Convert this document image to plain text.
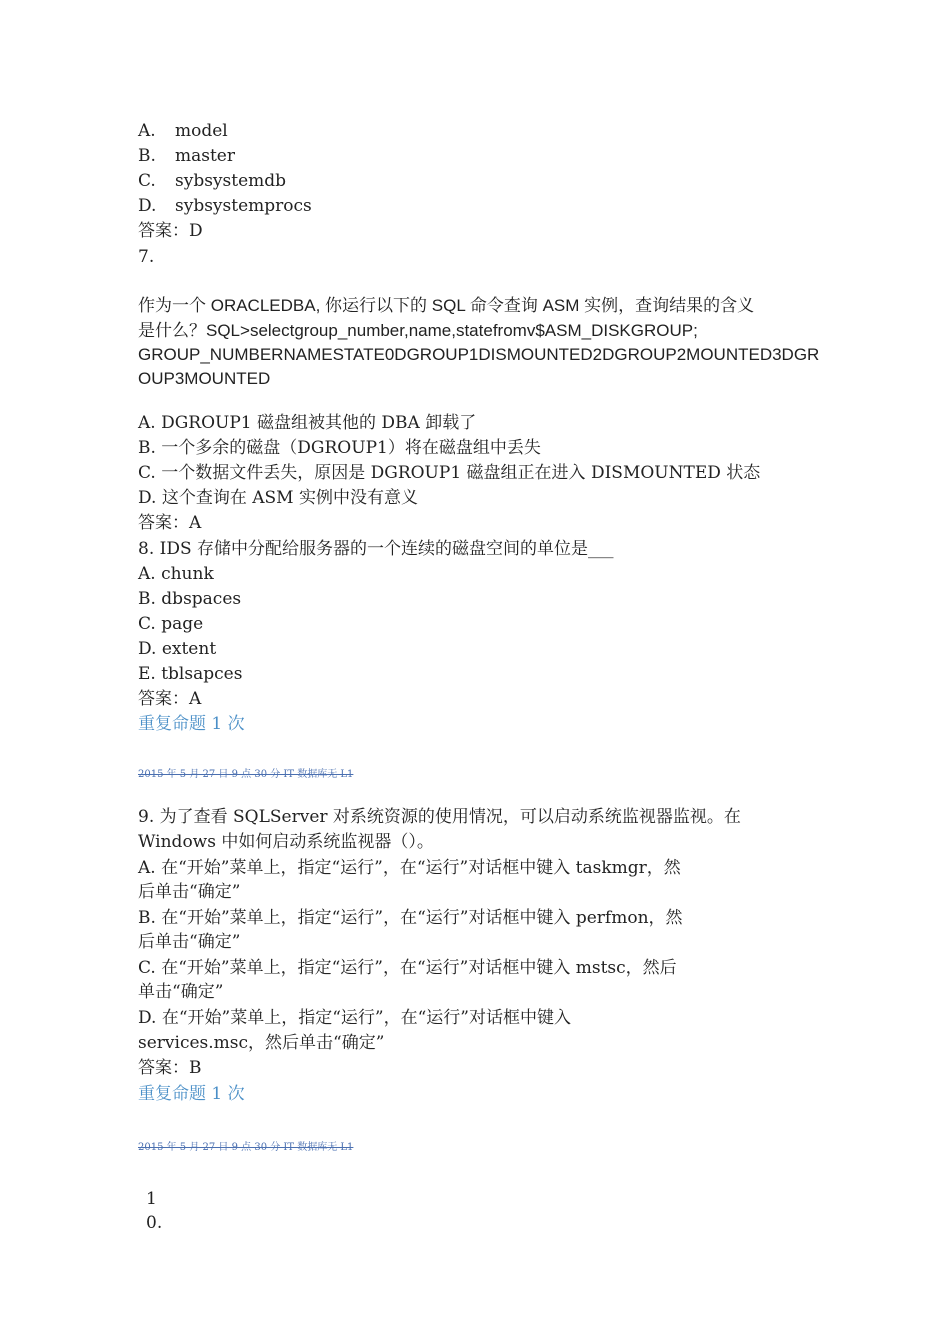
A. model
B. master
C. sybsystemdb
D. sybsystemprocs
答案：D
7.
作为一个 ORACLEDBA, 你运行以下的 SQL 命令查询 ASM 实例，查询结果的含义
是什么？SQL>selectgroup_number,name,statefromv$ASM_DISKGROUP;
GROUP_NUMBERNAMESTATE0DGROUP1DISMOUNTED2DGROUP2MOUNTED3DGR
OUP3MOUNTED
A. DGROUP1 磁盘组被其他的 DBA 卸载了
B. 一个多余的磁盘（DGROUP1）将在磁盘组中丢失
C. 一个数据文件丢失，原因是 DGROUP1 磁盘组正在进入 DISMOUNTED 状态
D. 这个查询在 ASM 实例中没有意义
答案：A
8. IDS 存储中分配给服务器的一个连续的磁盘空间的单位是___
A. chunk
B. dbspaces
C. page
D. extent
E. tblsapces
答案：A
重复命题 1 次
2015 年 5 月 27 日 9 点 30 分 IT 数据库无 L1
9. 为了查看 SQLServer 对系统资源的使用情况，可以启动系统监视器监视。在
Windows 中如何启动系统监视器（）。
A. 在“开始”菜单上，指定“运行”，在“运行”对话框中键入 taskmgr，然
后单击“确定”
B. 在“开始”菜单上，指定“运行”，在“运行”对话框中键入 perfmon，然
后单击“确定”
C. 在“开始”菜单上，指定“运行”，在“运行”对话框中键入 mstsc，然后
单击“确定”
D. 在“开始”菜单上，指定“运行”，在“运行”对话框中键入
services.msc，然后单击“确定”
答案：B
重复命题 1 次
2015 年 5 月 27 日 9 点 30 分 IT 数据库无 L1
1
0.
